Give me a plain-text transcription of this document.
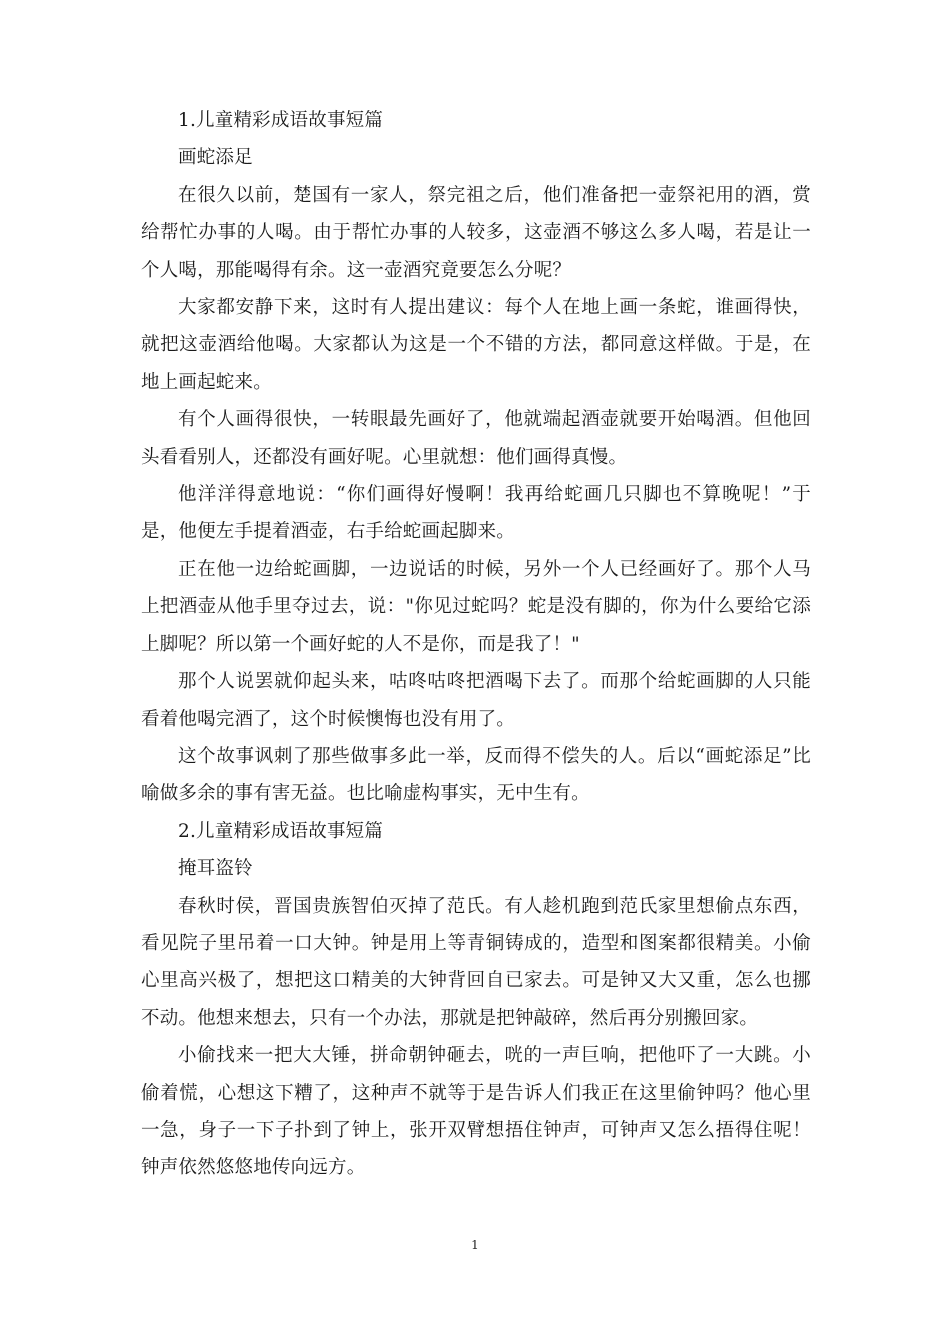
1.儿童精彩成语故事短篇

画蛇添足

在很久以前，楚国有一家人，祭完祖之后，他们准备把一壶祭祀用的酒，赏给帮忙办事的人喝。由于帮忙办事的人较多，这壶酒不够这么多人喝，若是让一个人喝，那能喝得有余。这一壶酒究竟要怎么分呢？

大家都安静下来，这时有人提出建议：每个人在地上画一条蛇，谁画得快，就把这壶酒给他喝。大家都认为这是一个不错的方法，都同意这样做。于是，在地上画起蛇来。

有个人画得很快，一转眼最先画好了，他就端起酒壶就要开始喝酒。但他回头看看别人，还都没有画好呢。心里就想：他们画得真慢。

他洋洋得意地说：“你们画得好慢啊！我再给蛇画几只脚也不算晚呢！”于是，他便左手提着酒壶，右手给蛇画起脚来。

正在他一边给蛇画脚，一边说话的时候，另外一个人已经画好了。那个人马上把酒壶从他手里夺过去，说："你见过蛇吗？蛇是没有脚的，你为什么要给它添上脚呢？所以第一个画好蛇的人不是你，而是我了！"

那个人说罢就仰起头来，咕咚咕咚把酒喝下去了。而那个给蛇画脚的人只能看着他喝完酒了，这个时候懊悔也没有用了。

这个故事讽刺了那些做事多此一举，反而得不偿失的人。后以“画蛇添足”比喻做多余的事有害无益。也比喻虚构事实，无中生有。

2.儿童精彩成语故事短篇

掩耳盗铃

春秋时侯，晋国贵族智伯灭掉了范氏。有人趁机跑到范氏家里想偷点东西，看见院子里吊着一口大钟。钟是用上等青铜铸成的，造型和图案都很精美。小偷心里高兴极了，想把这口精美的大钟背回自已家去。可是钟又大又重，怎么也挪不动。他想来想去，只有一个办法，那就是把钟敲碎，然后再分别搬回家。

小偷找来一把大大锤，拼命朝钟砸去，咣的一声巨响，把他吓了一大跳。小偷着慌，心想这下糟了，这种声不就等于是告诉人们我正在这里偷钟吗？他心里一急，身子一下子扑到了钟上，张开双臂想捂住钟声，可钟声又怎么捂得住呢！钟声依然悠悠地传向远方。

1
